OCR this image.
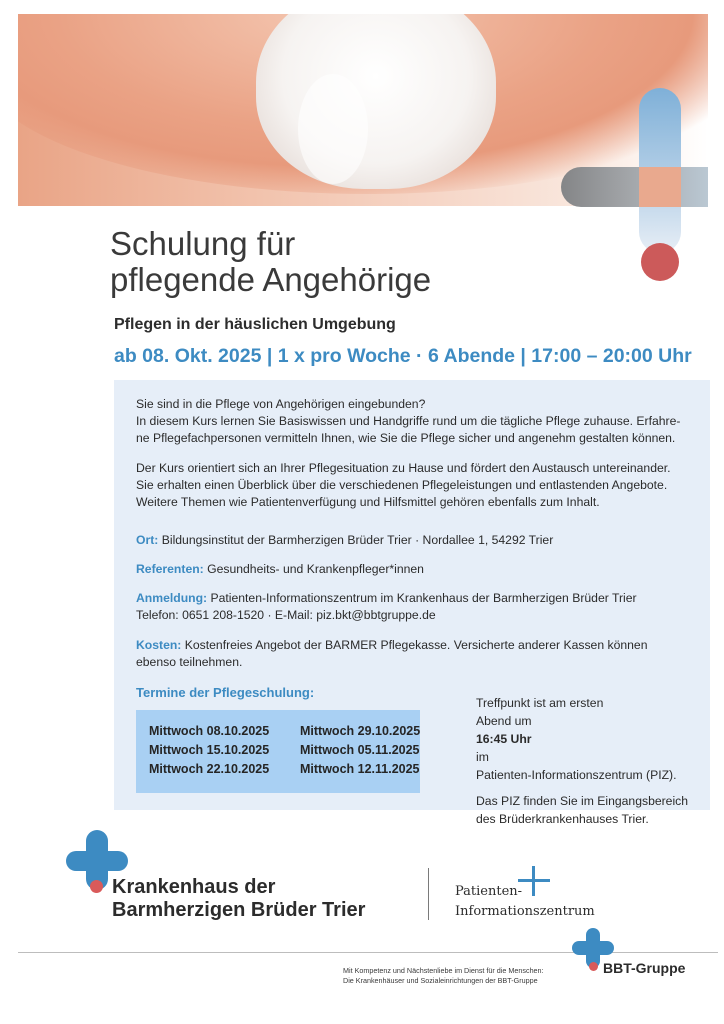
Schulung für
pflegende Angehörige
Pflegen in der häuslichen Umgebung
ab 08. Okt. 2025 | 1 x pro Woche · 6 Abende | 17:00 – 20:00 Uhr
Sie sind in die Pflege von Angehörigen eingebunden?
In diesem Kurs lernen Sie Basiswissen und Handgriffe rund um die tägliche Pflege zuhause. Erfahre-
ne Pflegefachpersonen vermitteln Ihnen, wie Sie die Pflege sicher und angenehm gestalten können.
Der Kurs orientiert sich an Ihrer Pflegesituation zu Hause und fördert den Austausch untereinander.
Sie erhalten einen Überblick über die verschiedenen Pflegeleistungen und entlastenden Angebote.
Weitere Themen wie Patientenverfügung und Hilfsmittel gehören ebenfalls zum Inhalt.
Ort: Bildungsinstitut der Barmherzigen Brüder Trier · Nordallee 1, 54292 Trier
Referenten: Gesundheits- und Krankenpfleger*innen
Anmeldung: Patienten-Informationszentrum im Krankenhaus der Barmherzigen Brüder Trier
Telefon: 0651 208-1520 · E-Mail: piz.bkt@bbtgruppe.de
Kosten: Kostenfreies Angebot der BARMER Pflegekasse. Versicherte anderer Kassen können
ebenso teilnehmen.
Termine der Pflegeschulung:
Mittwoch 08.10.2025
Mittwoch 15.10.2025
Mittwoch 22.10.2025
Mittwoch 29.10.2025
Mittwoch 05.11.2025
Mittwoch 12.11.2025
Treffpunkt ist am ersten
Abend um
16:45 Uhr
im
Patienten-Informationszentrum (PIZ).
Das PIZ finden Sie im Eingangsbereich
des Brüderkrankenhauses Trier.
Krankenhaus der
Barmherzigen Brüder Trier
Patienten-
Informationszentrum
Mit Kompetenz und Nächstenliebe im Dienst für die Menschen:
Die Krankenhäuser und Sozialeinrichtungen der BBT-Gruppe
BBT-Gruppe
